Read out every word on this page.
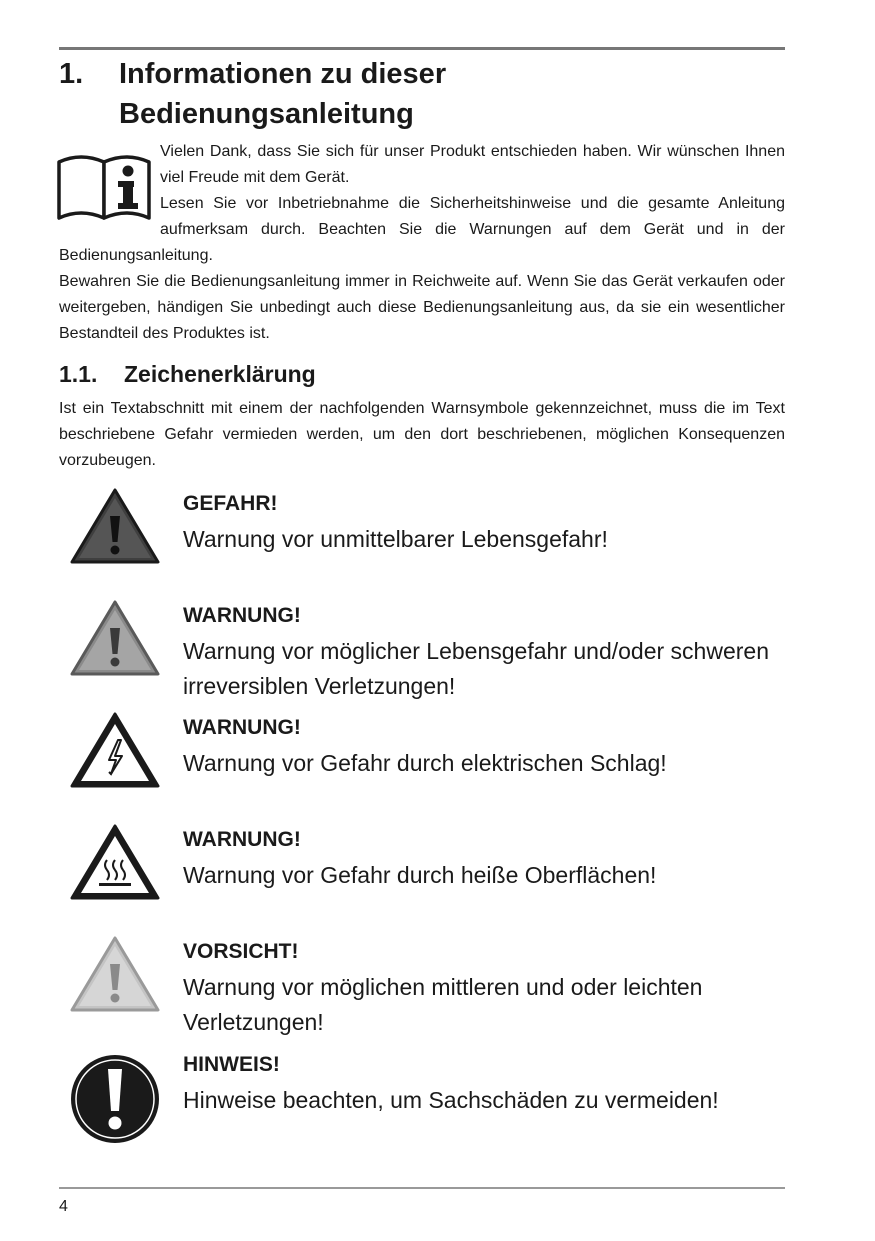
1.	Informationen zu dieser
Bedienungsanleitung

Vielen Dank, dass Sie sich für unser Produkt entschieden haben. Wir wünschen Ihnen viel Freude mit dem Gerät.

Lesen Sie vor Inbetriebnahme die Sicherheitshinweise und die gesamte Anleitung aufmerksam durch. Beachten Sie die Warnungen auf dem Gerät und in der Bedienungsanleitung.

Bewahren Sie die Bedienungsanleitung immer in Reichweite auf. Wenn Sie das Gerät verkaufen oder weitergeben, händigen Sie unbedingt auch diese Bedienungsanleitung aus, da sie ein wesentlicher Bestandteil des Produktes ist.

1.1. Zeichenerklärung

Ist ein Textabschnitt mit einem der nachfolgenden Warnsymbole gekennzeichnet, muss die im Text beschriebene Gefahr vermieden werden, um den dort beschriebenen, möglichen Konsequenzen vorzubeugen.

GEFAHR!
Warnung vor unmittelbarer Lebensgefahr!
WARNUNG!
Warnung vor möglicher Lebensgefahr und/oder schweren irreversiblen Verletzungen!
WARNUNG!
Warnung vor Gefahr durch elektrischen Schlag!
WARNUNG!
Warnung vor Gefahr durch heiße Oberflächen!
VORSICHT!
Warnung vor möglichen mittleren und oder leichten Verletzungen!
HINWEIS!
Hinweise beachten, um Sachschäden zu vermeiden!
4
